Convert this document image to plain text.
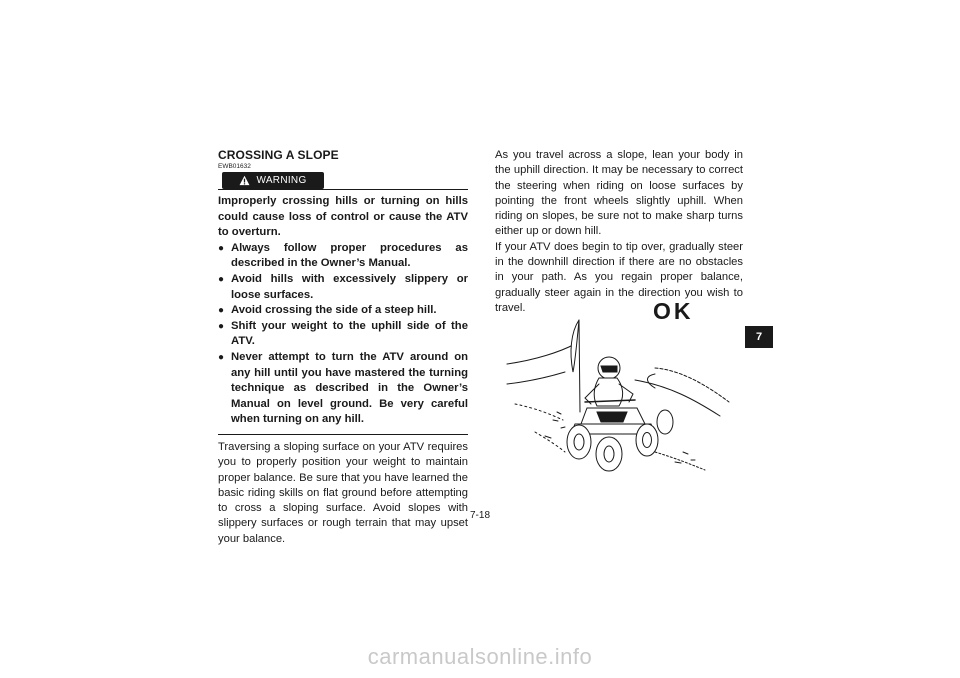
CROSSING A SLOPE
EWB01632
WARNING
Improperly crossing hills or turning on hills could cause loss of control or cause the ATV to overturn.
● Always follow proper procedures as described in the Owner’s Manual.
● Avoid hills with excessively slippery or loose surfaces.
● Avoid crossing the side of a steep hill.
● Shift your weight to the uphill side of the ATV.
● Never attempt to turn the ATV around on any hill until you have mastered the turning technique as described in the Owner’s Manual on level ground. Be very careful when turning on any hill.

Traversing a sloping surface on your ATV requires you to properly position your weight to maintain proper balance. Be sure that you have learned the basic riding skills on flat ground before attempting to cross a sloping surface. Avoid slopes with slippery surfaces or rough terrain that may upset your balance.

As you travel across a slope, lean your body in the uphill direction. It may be necessary to correct the steering when riding on loose surfaces by pointing the front wheels slightly uphill. When riding on slopes, be sure not to make sharp turns either up or down hill.

If your ATV does begin to tip over, gradually steer in the downhill direction if there are no obstacles in your path. As you regain proper balance, gradually steer again in the direction you wish to travel.	OK
7
7-18
carmanualsonline.info
